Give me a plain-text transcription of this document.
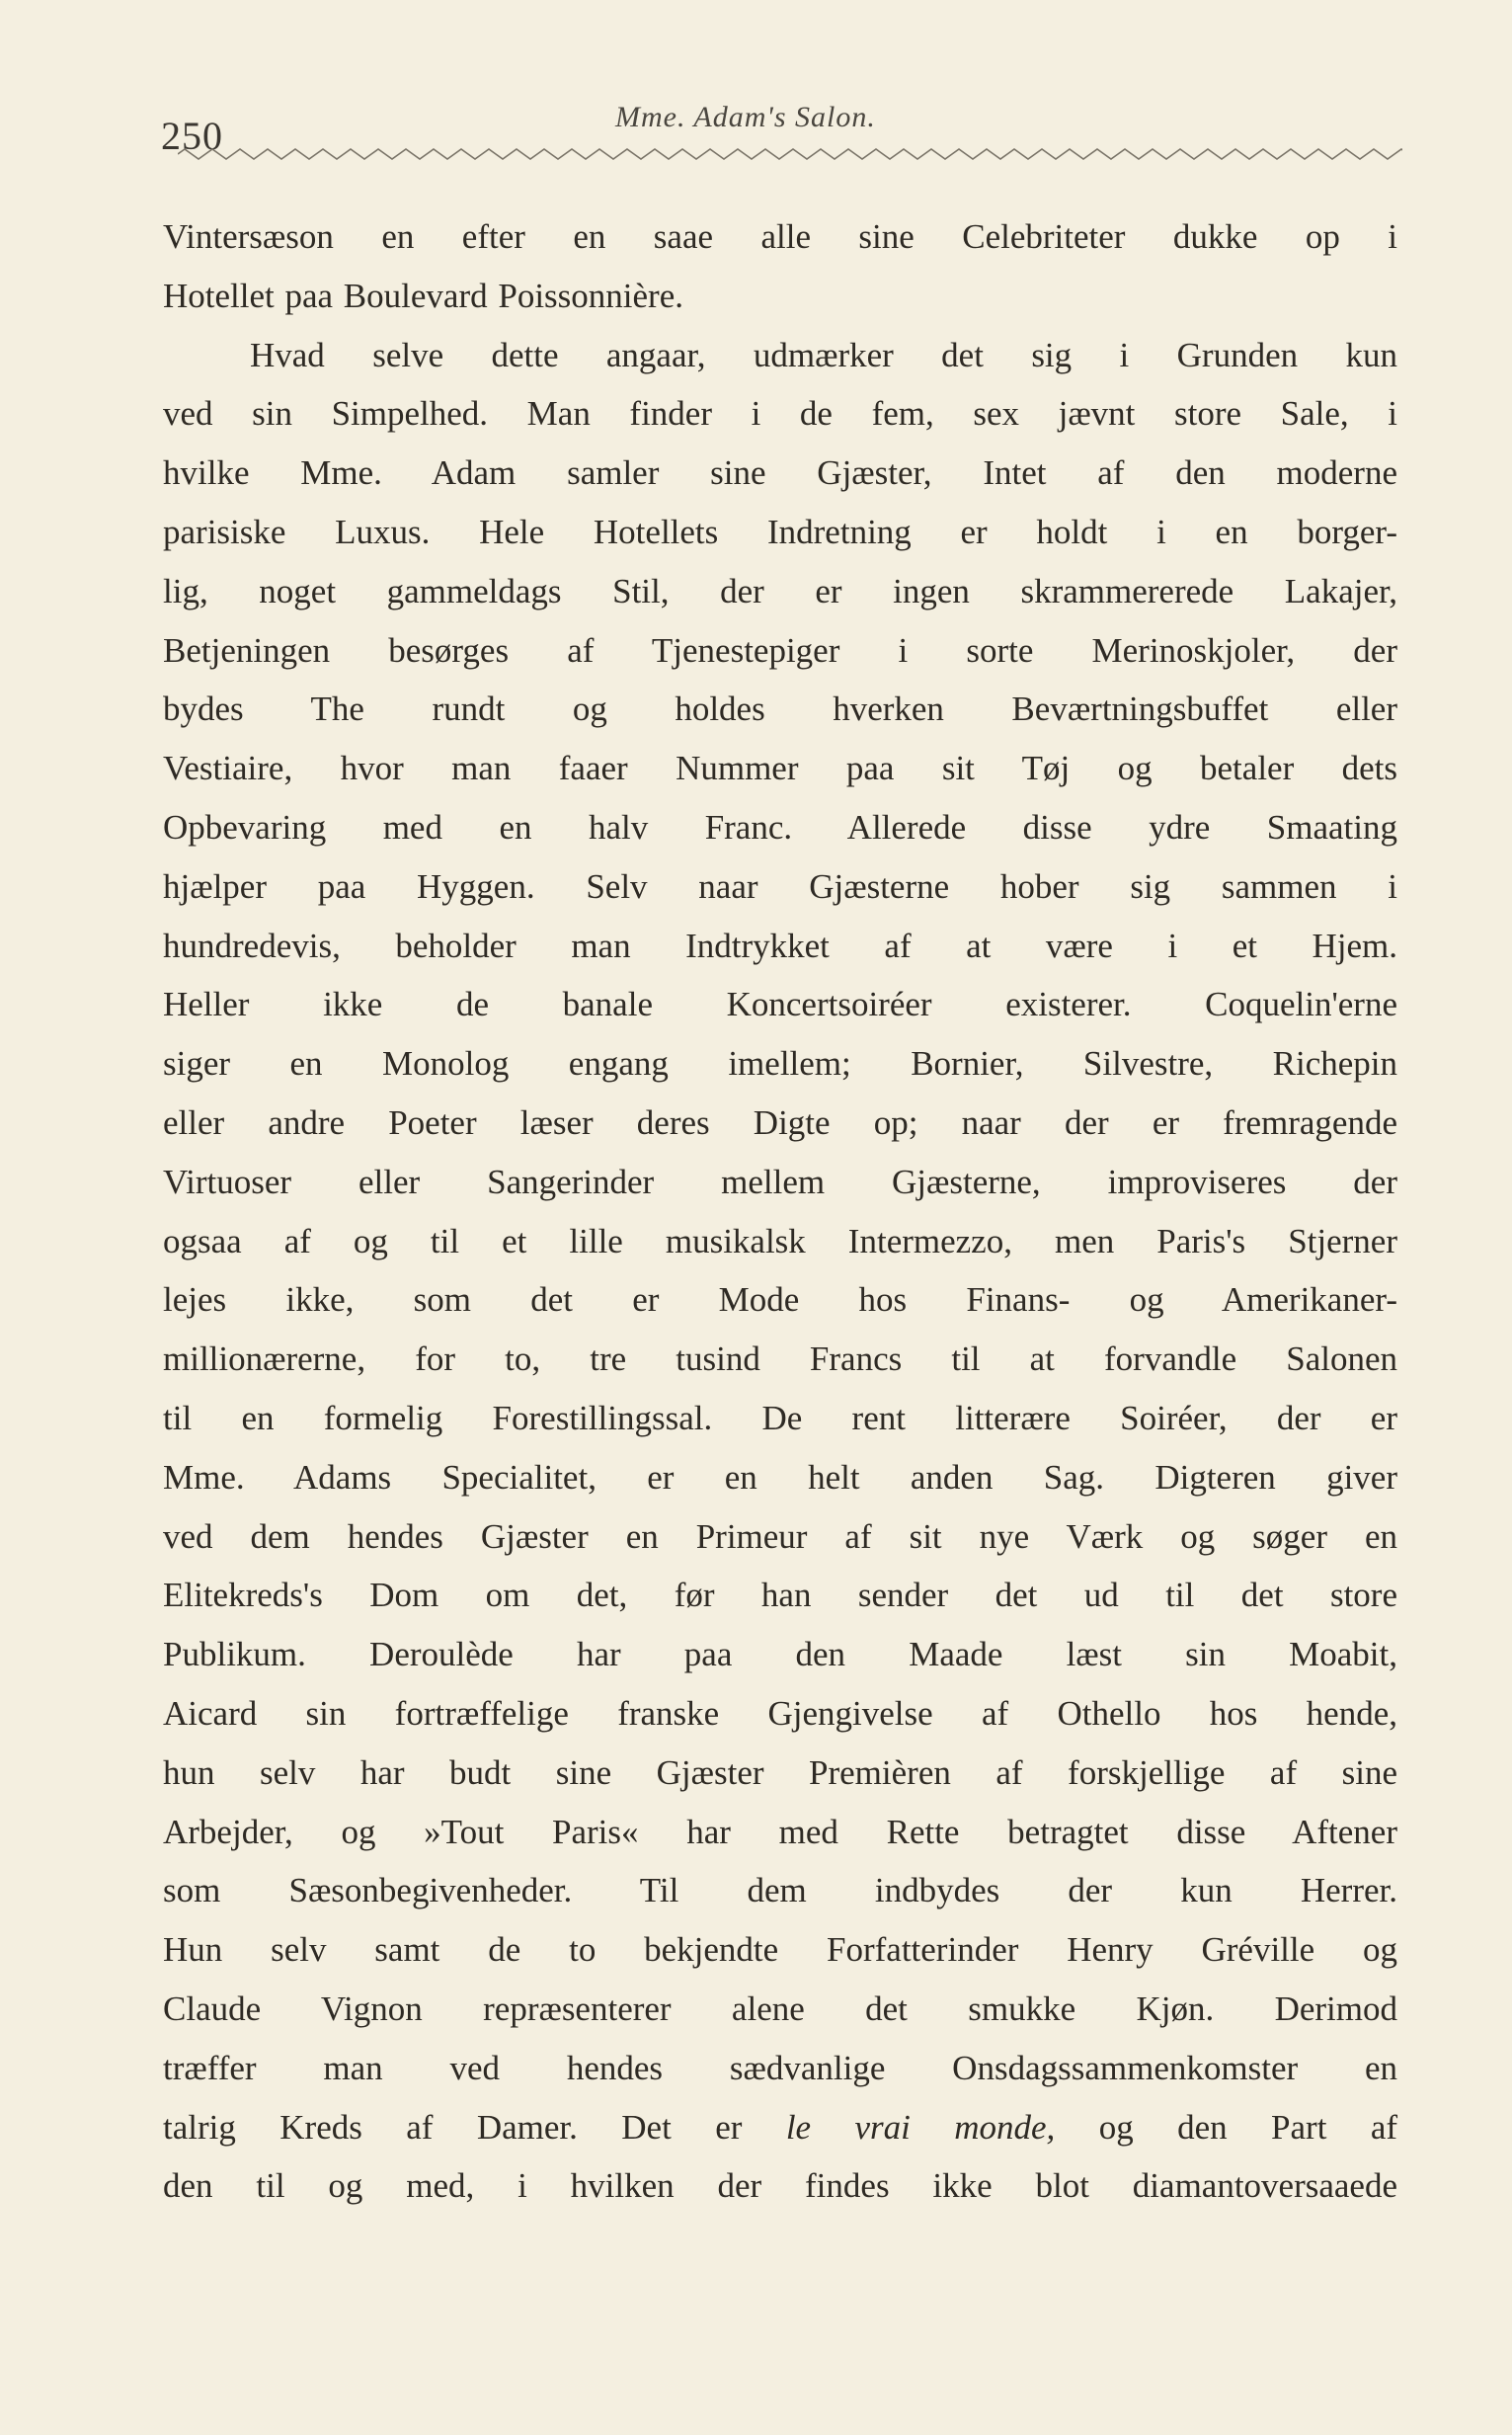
250	Mme. Adam's Salon.
Vintersæson en efter en saae alle sine Celebriteter dukke op i
Hotellet paa Boulevard Poissonnière.
Hvad selve dette angaar, udmærker det sig i Grunden kun
ved sin Simpelhed. Man finder i de fem, sex jævnt store Sale, i
hvilke Mme. Adam samler sine Gjæster, Intet af den moderne
parisiske Luxus. Hele Hotellets Indretning er holdt i en borger-
lig, noget gammeldags Stil, der er ingen skrammererede Lakajer,
Betjeningen besørges af Tjenestepiger i sorte Merinoskjoler, der
bydes The rundt og holdes hverken Beværtningsbuffet eller
Vestiaire, hvor man faaer Nummer paa sit Tøj og betaler dets
Opbevaring med en halv Franc. Allerede disse ydre Smaating
hjælper paa Hyggen. Selv naar Gjæsterne hober sig sammen i
hundredevis, beholder man Indtrykket af at være i et Hjem.
Heller ikke de banale Koncertsoiréer existerer. Coquelin'erne
siger en Monolog engang imellem; Bornier, Silvestre, Richepin
eller andre Poeter læser deres Digte op; naar der er fremragende
Virtuoser eller Sangerinder mellem Gjæsterne, improviseres der
ogsaa af og til et lille musikalsk Intermezzo, men Paris's Stjerner
lejes ikke, som det er Mode hos Finans- og Amerikaner-
millionærerne, for to, tre tusind Francs til at forvandle Salonen
til en formelig Forestillingssal. De rent litterære Soiréer, der er
Mme. Adams Specialitet, er en helt anden Sag. Digteren giver
ved dem hendes Gjæster en Primeur af sit nye Værk og søger en
Elitekreds's Dom om det, før han sender det ud til det store
Publikum. Deroulède har paa den Maade læst sin Moabit,
Aicard sin fortræffelige franske Gjengivelse af Othello hos hende,
hun selv har budt sine Gjæster Premièren af forskjellige af sine
Arbejder, og »Tout Paris« har med Rette betragtet disse Aftener
som Sæsonbegivenheder. Til dem indbydes der kun Herrer.
Hun selv samt de to bekjendte Forfatterinder Henry Gréville og
Claude Vignon repræsenterer alene det smukke Kjøn. Derimod
træffer man ved hendes sædvanlige Onsdagssammenkomster en
talrig Kreds af Damer. Det er le vrai monde, og den Part af
den til og med, i hvilken der findes ikke blot diamantoversaaede
